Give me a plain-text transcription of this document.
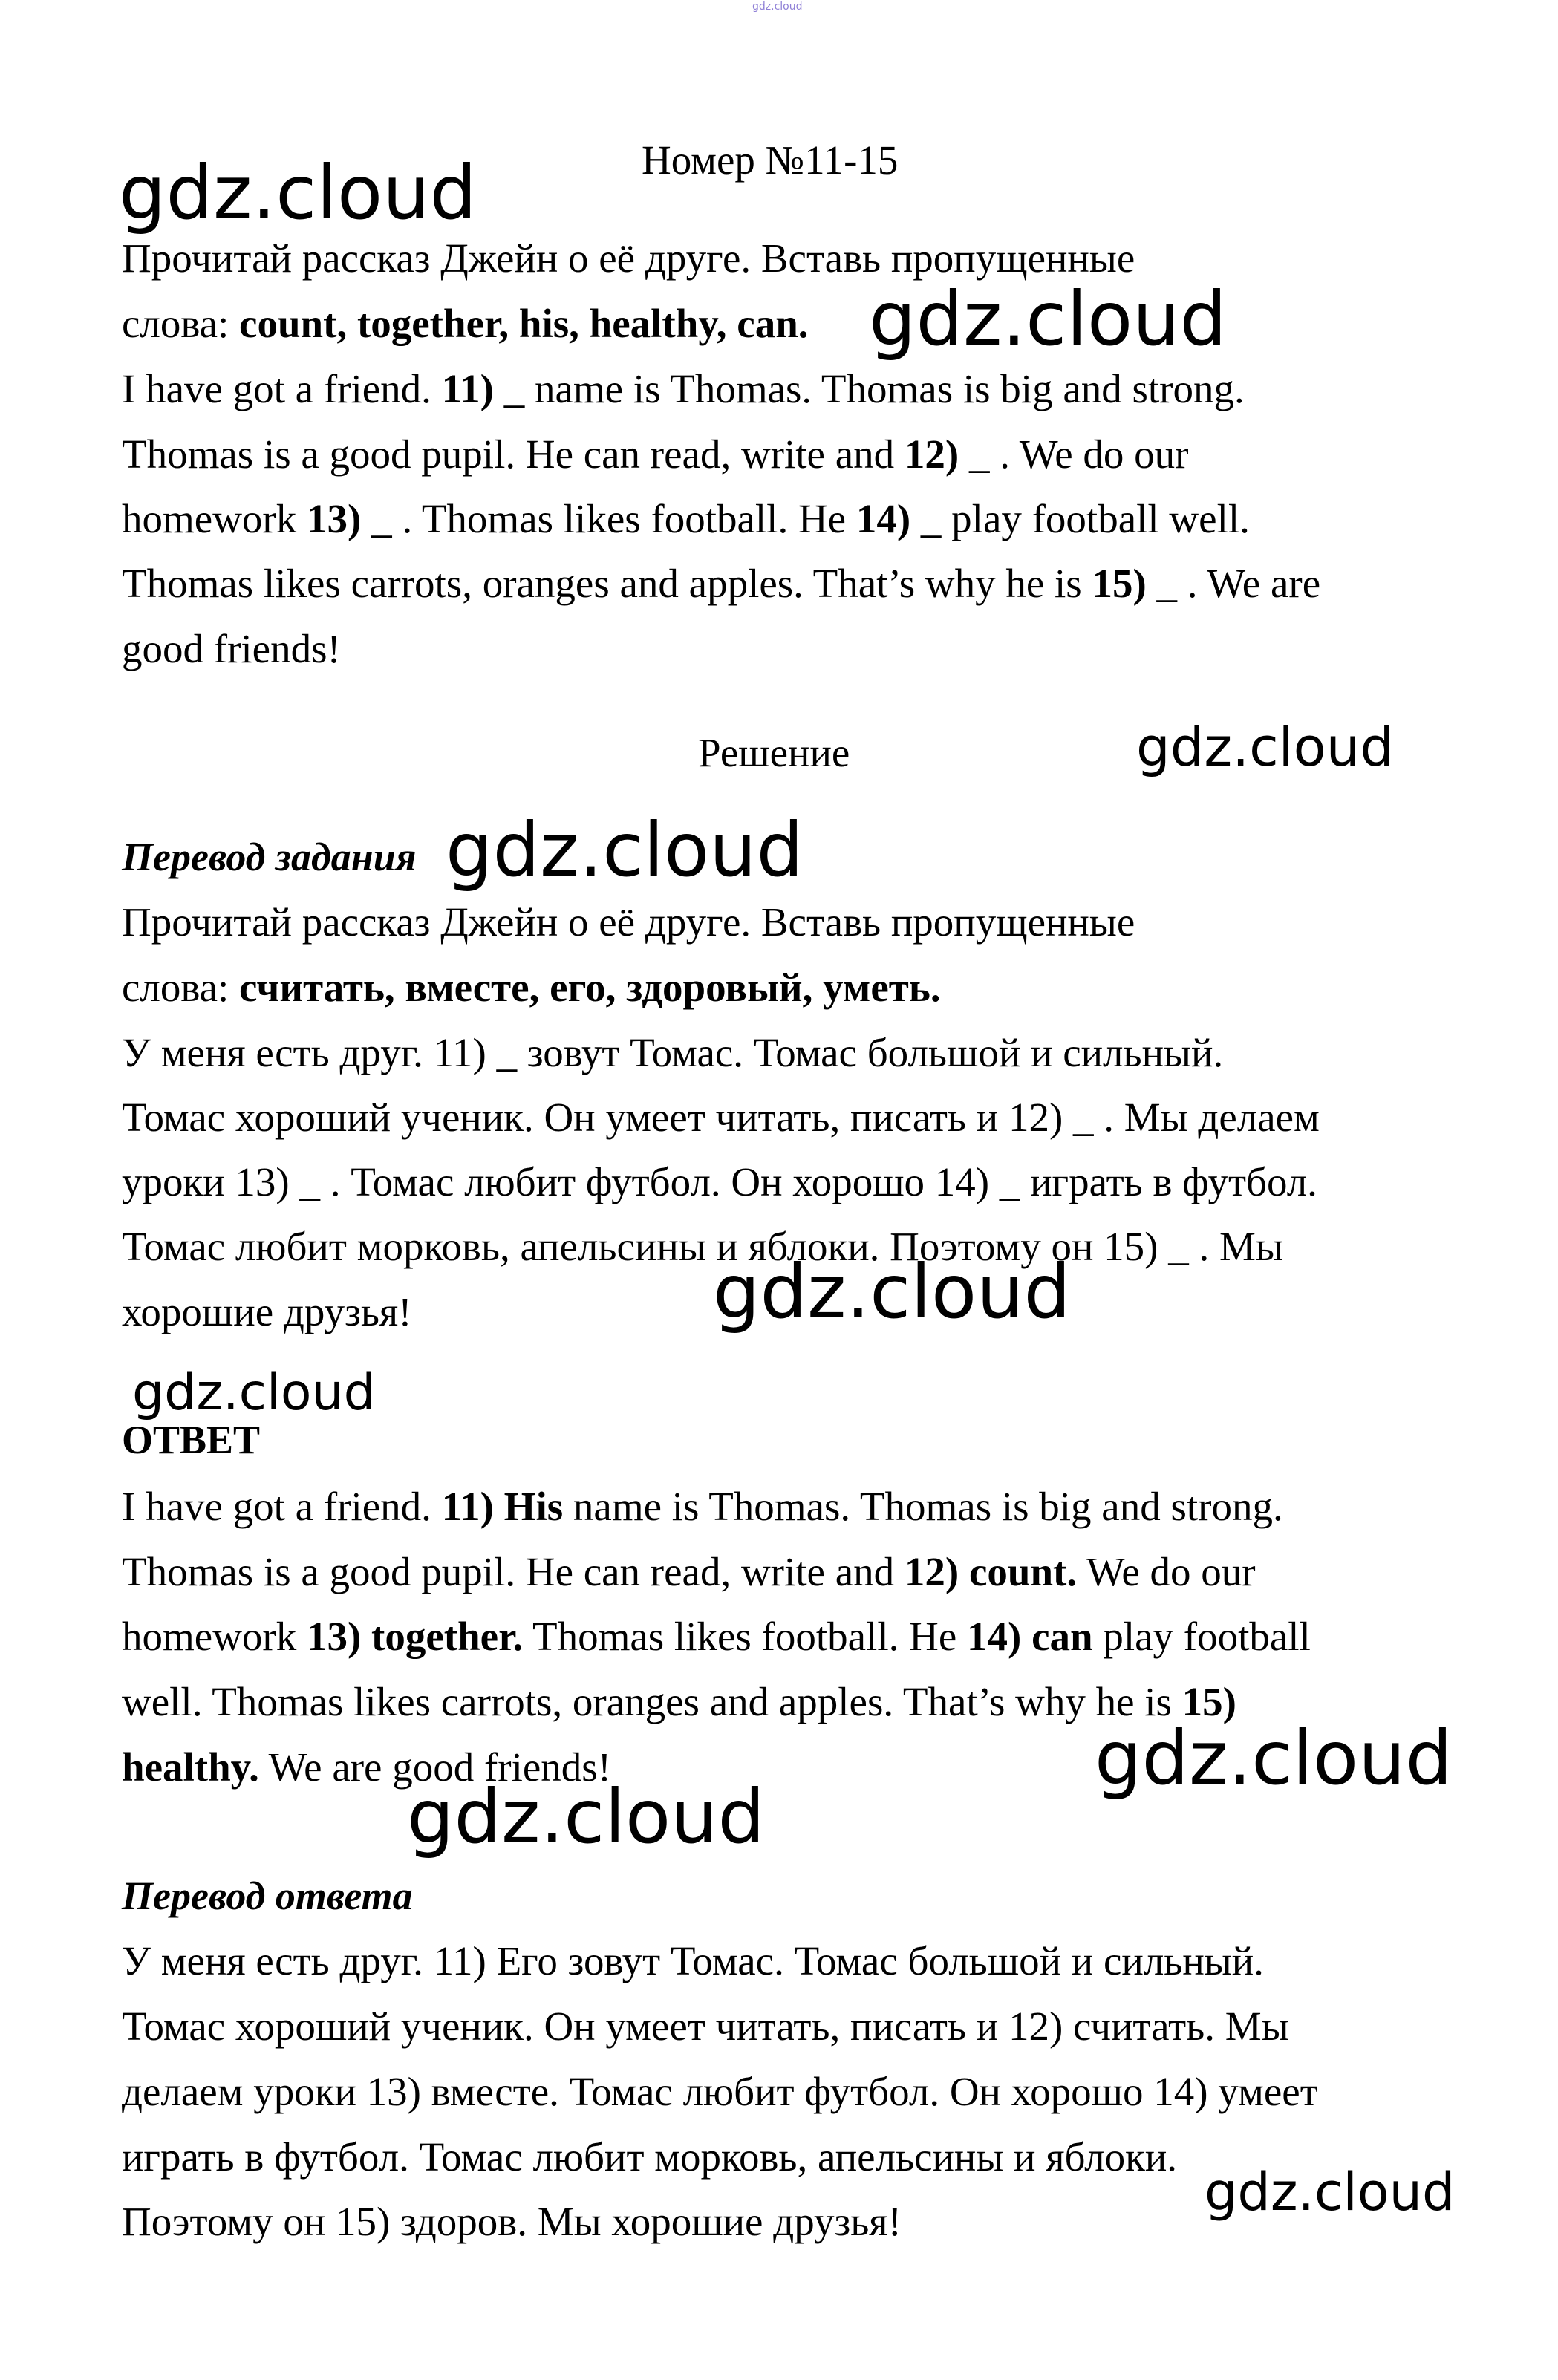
gdz.cloud
Номер №11-15
Прочитай рассказ Джейн о её друге. Вставь пропущенные
слова: count, together, his, healthy, can.
I have got a friend. 11) _ name is Thomas. Thomas is big and strong.
Thomas is a good pupil. He can read, write and 12) _ . We do our
homework 13) _ . Thomas likes football. He 14) _ play football well.
Thomas likes carrots, oranges and apples. That’s why he is 15) _ . We are
good friends!
Решение
Перевод задания
Прочитай рассказ Джейн о её друге. Вставь пропущенные
слова: считать, вместе, его, здоровый, уметь.
У меня есть друг. 11) _ зовут Томас. Томас большой и сильный.
Томас хороший ученик. Он умеет читать, писать и 12) _ . Мы делаем
уроки 13) _ . Томас любит футбол. Он хорошо 14) _ играть в футбол.
Томас любит морковь, апельсины и яблоки. Поэтому он 15) _ . Мы
хорошие друзья!
ОТВЕТ
I have got a friend. 11) His name is Thomas. Thomas is big and strong.
Thomas is a good pupil. He can read, write and 12) count. We do our
homework 13) together. Thomas likes football. He 14) can play football
well. Thomas likes carrots, oranges and apples. That’s why he is 15)
healthy. We are good friends!
Перевод ответа
У меня есть друг. 11) Его зовут Томас. Томас большой и сильный.
Томас хороший ученик. Он умеет читать, писать и 12) считать. Мы
делаем уроки 13) вместе. Томас любит футбол. Он хорошо 14) умеет
играть в футбол. Томас любит морковь, апельсины и яблоки.
Поэтому он 15) здоров. Мы хорошие друзья!
gdz.cloud
gdz.cloud
gdz.cloud
gdz.cloud
gdz.cloud
gdz.cloud
gdz.cloud
gdz.cloud
gdz.cloud
